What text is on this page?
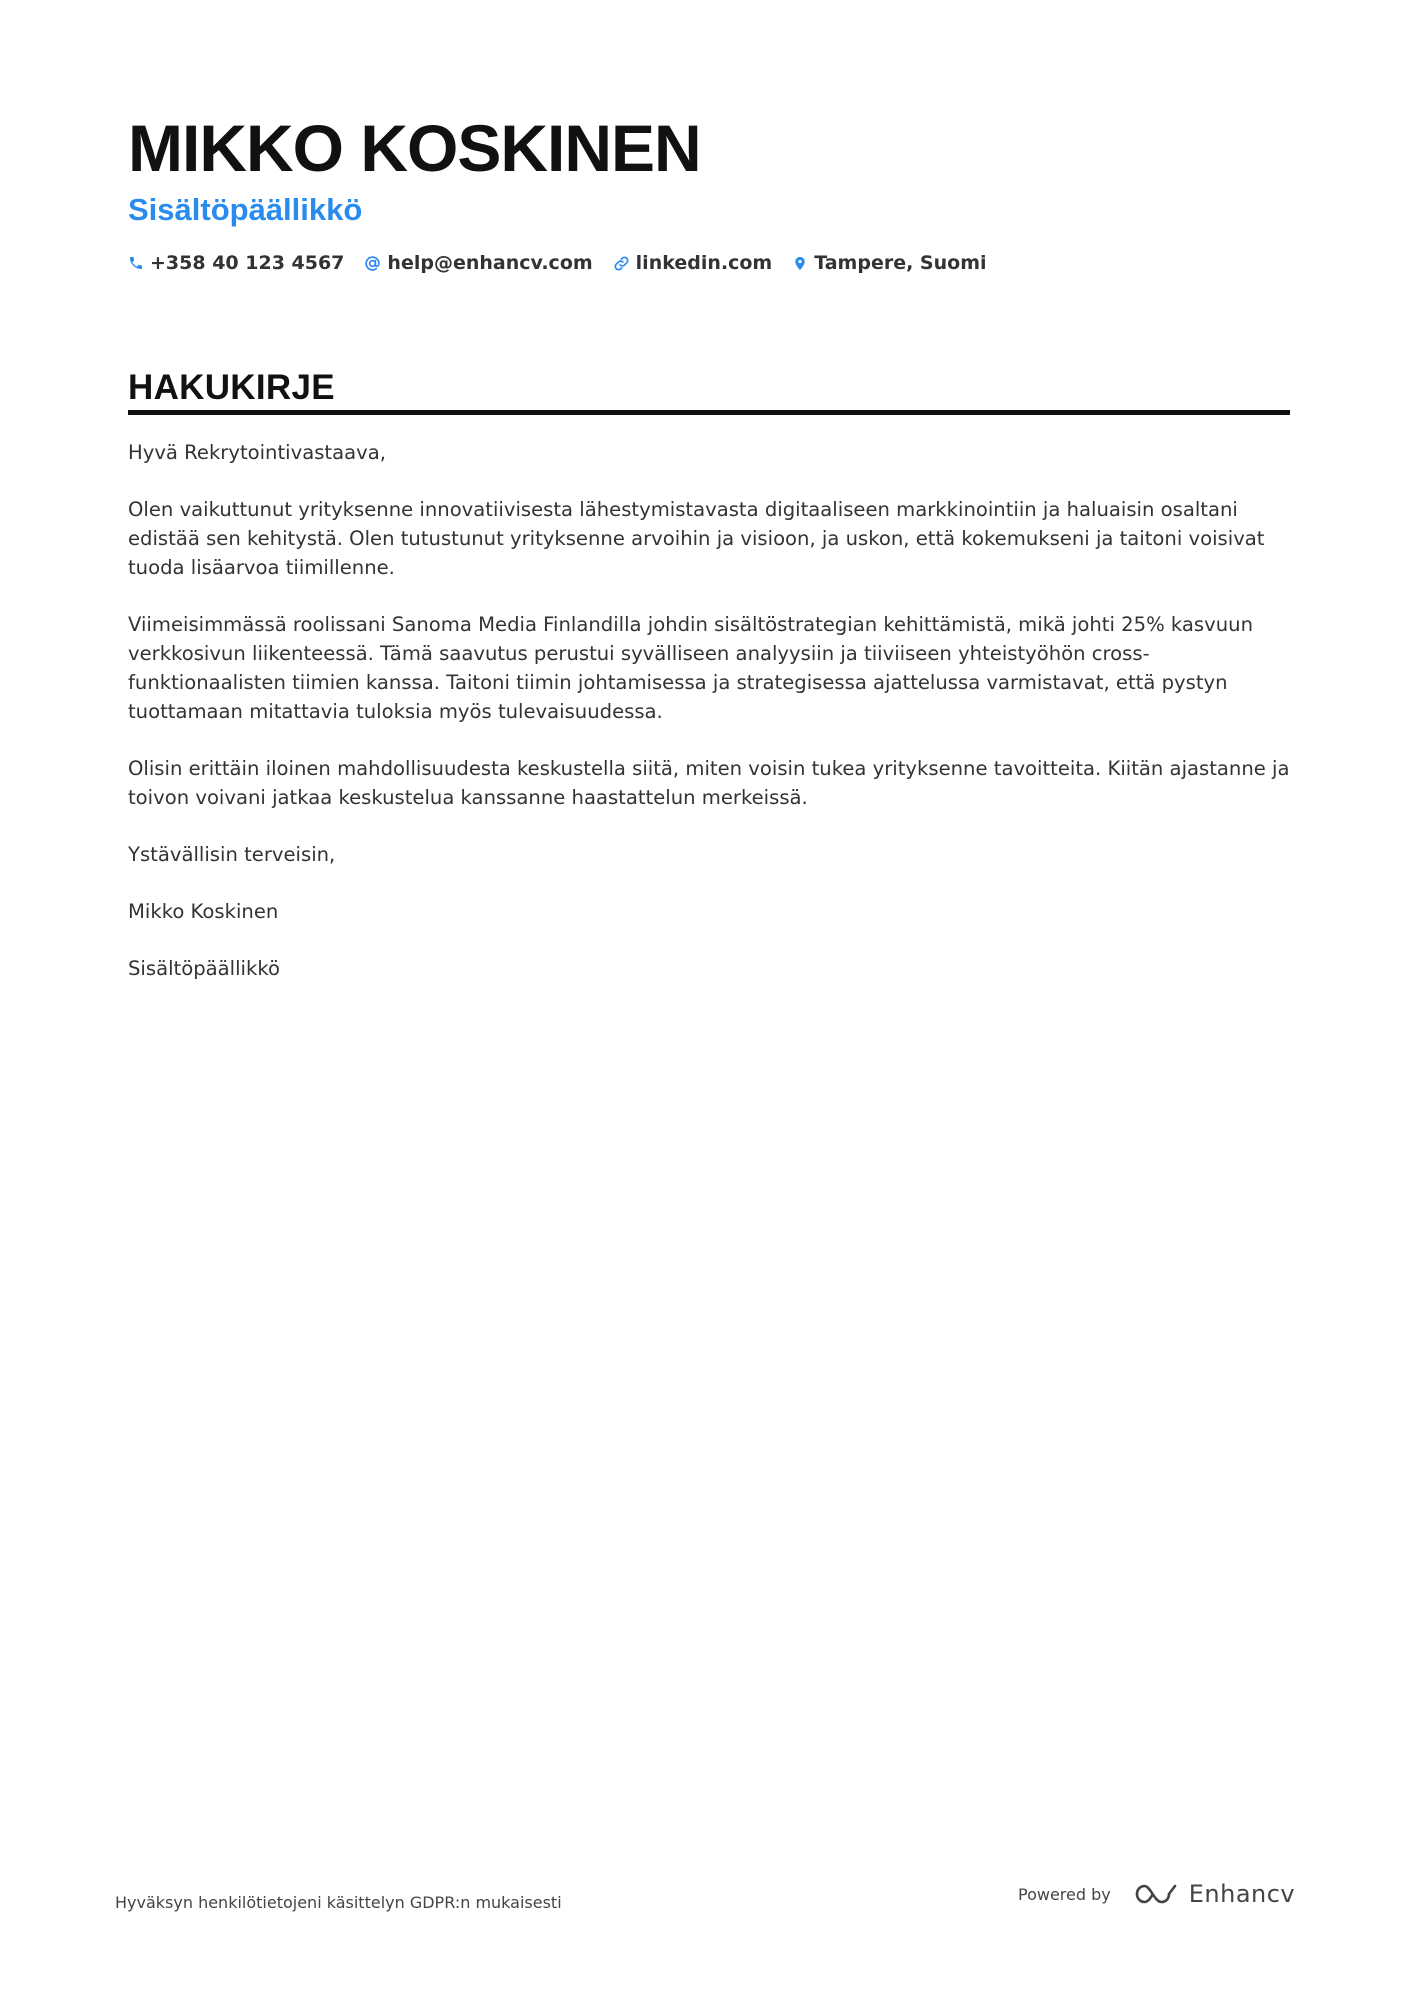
MIKKO KOSKINEN
Sisältöpäällikkö
+358 40 123 4567 help@enhancv.com linkedin.com Tampere, Suomi
HAKUKIRJE

Hyvä Rekrytointivastaava,

Olen vaikuttunut yrityksenne innovatiivisesta lähestymistavasta digitaaliseen markkinointiin ja haluaisin osaltani edistää sen kehitystä. Olen tutustunut yrityksenne arvoihin ja visioon, ja uskon, että kokemukseni ja taitoni voisivat tuoda lisäarvoa tiimillenne.

Viimeisimmässä roolissani Sanoma Media Finlandilla johdin sisältöstrategian kehittämistä, mikä johti 25% kasvuun verkkosivun liikenteessä. Tämä saavutus perustui syvälliseen analyysiin ja tiiviiseen yhteistyöhön cross-funktionaalisten tiimien kanssa. Taitoni tiimin johtamisessa ja strategisessa ajattelussa varmistavat, että pystyn tuottamaan mitattavia tuloksia myös tulevaisuudessa.

Olisin erittäin iloinen mahdollisuudesta keskustella siitä, miten voisin tukea yrityksenne tavoitteita. Kiitän ajastanne ja toivon voivani jatkaa keskustelua kanssanne haastattelun merkeissä.

Ystävällisin terveisin,

Mikko Koskinen

Sisältöpäällikkö

Hyväksyn henkilötietojeni käsittelyn GDPR:n mukaisesti	Powered by	Enhancv
